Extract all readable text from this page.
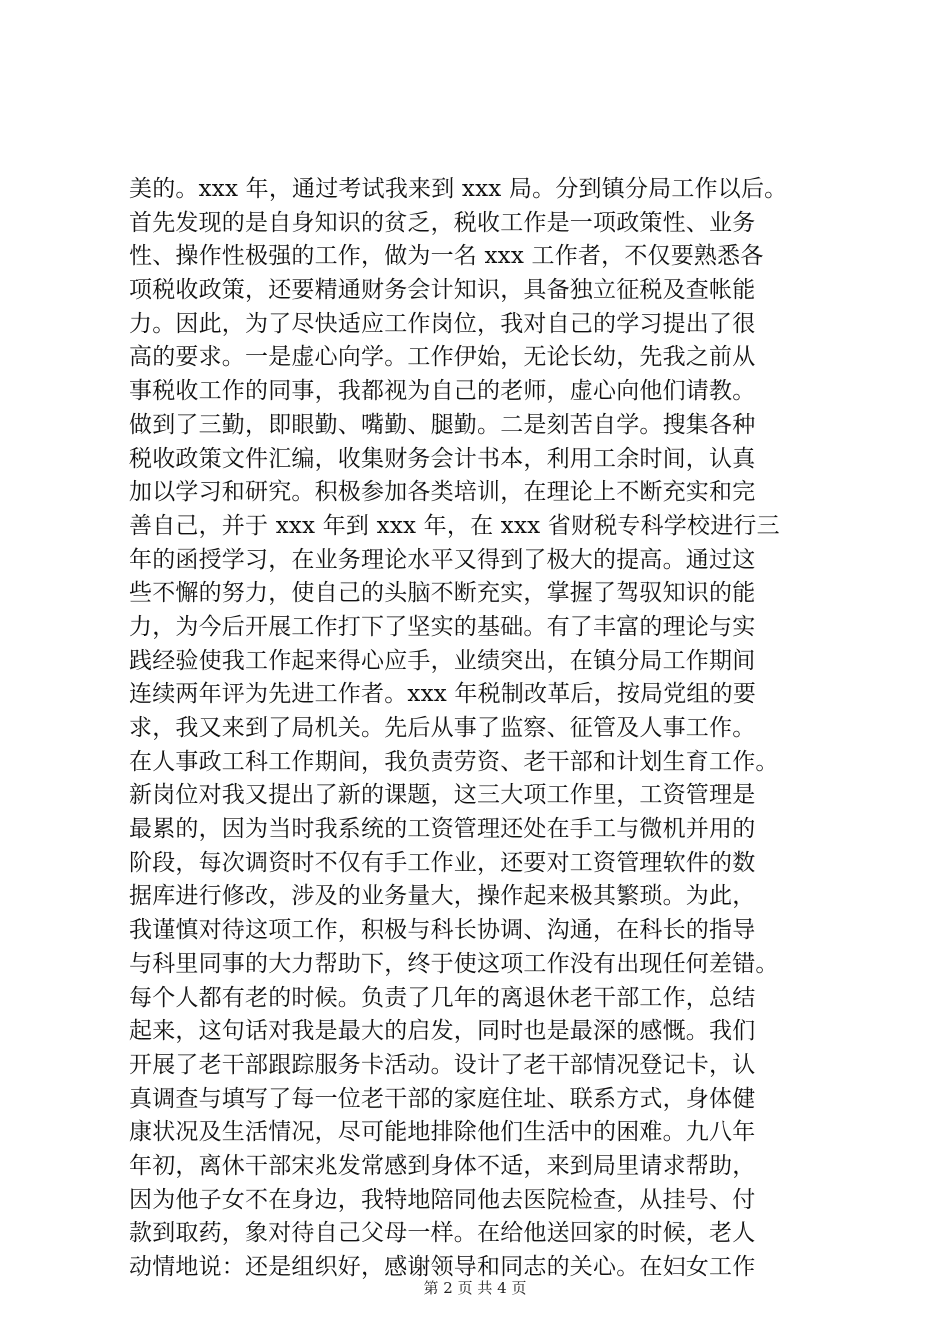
美的。xxx 年，通过考试我来到 xxx 局。分到镇分局工作以后。
首先发现的是自身知识的贫乏，税收工作是一项政策性、业务
性、操作性极强的工作，做为一名 xxx 工作者，不仅要熟悉各
项税收政策，还要精通财务会计知识，具备独立征税及查帐能
力。因此，为了尽快适应工作岗位，我对自己的学习提出了很
高的要求。一是虚心向学。工作伊始，无论长幼，先我之前从
事税收工作的同事，我都视为自己的老师，虚心向他们请教。
做到了三勤，即眼勤、嘴勤、腿勤。二是刻苦自学。搜集各种
税收政策文件汇编，收集财务会计书本，利用工余时间，认真
加以学习和研究。积极参加各类培训，在理论上不断充实和完
善自己，并于 xxx 年到 xxx 年，在 xxx 省财税专科学校进行三
年的函授学习，在业务理论水平又得到了极大的提高。通过这
些不懈的努力，使自己的头脑不断充实，掌握了驾驭知识的能
力，为今后开展工作打下了坚实的基础。有了丰富的理论与实
践经验使我工作起来得心应手，业绩突出，在镇分局工作期间
连续两年评为先进工作者。xxx 年税制改革后，按局党组的要
求，我又来到了局机关。先后从事了监察、征管及人事工作。
在人事政工科工作期间，我负责劳资、老干部和计划生育工作。
新岗位对我又提出了新的课题，这三大项工作里，工资管理是
最累的，因为当时我系统的工资管理还处在手工与微机并用的
阶段，每次调资时不仅有手工作业，还要对工资管理软件的数
据库进行修改，涉及的业务量大，操作起来极其繁琐。为此，
我谨慎对待这项工作，积极与科长协调、沟通，在科长的指导
与科里同事的大力帮助下，终于使这项工作没有出现任何差错。
每个人都有老的时候。负责了几年的离退休老干部工作，总结
起来，这句话对我是最大的启发，同时也是最深的感慨。我们
开展了老干部跟踪服务卡活动。设计了老干部情况登记卡，认
真调查与填写了每一位老干部的家庭住址、联系方式，身体健
康状况及生活情况，尽可能地排除他们生活中的困难。九八年
年初，离休干部宋兆发常感到身体不适，来到局里请求帮助，
因为他子女不在身边，我特地陪同他去医院检查，从挂号、付
款到取药，象对待自己父母一样。在给他送回家的时候，老人
动情地说：还是组织好，感谢领导和同志的关心。在妇女工作
第 2 页 共 4 页
